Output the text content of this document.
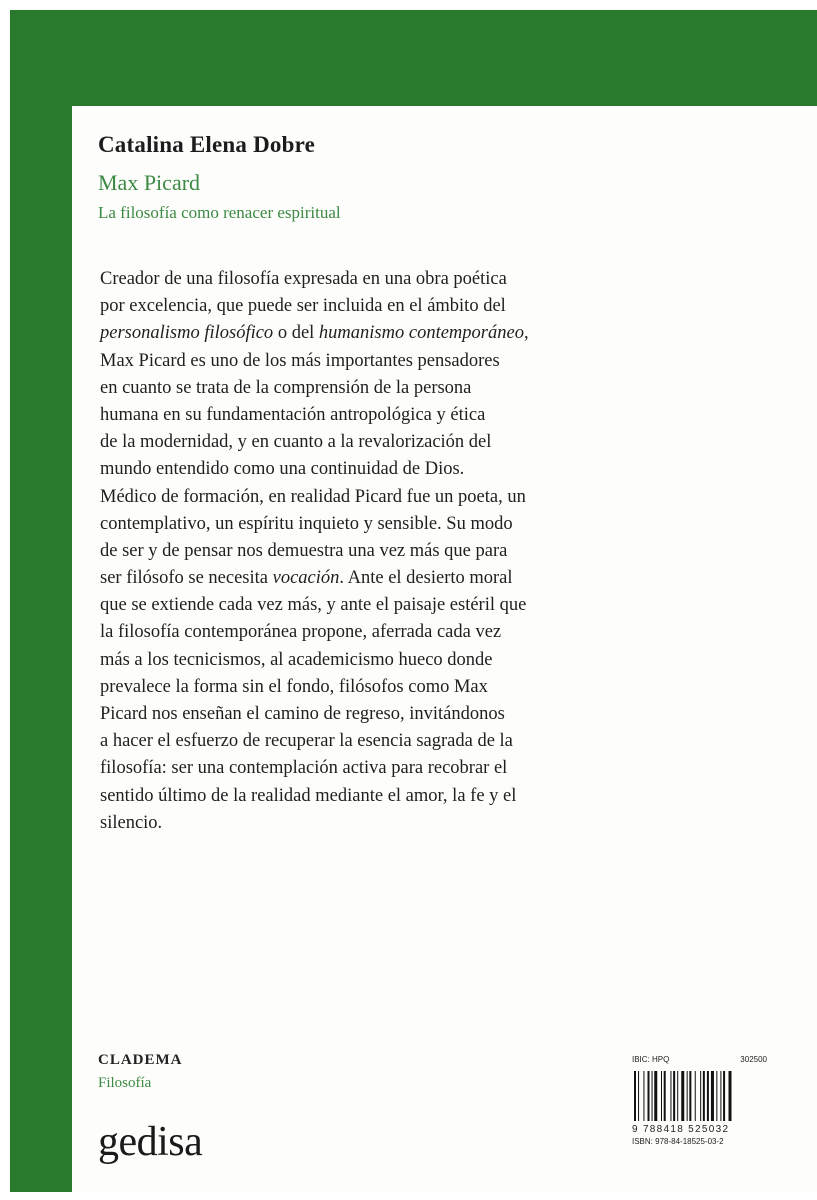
Catalina Elena Dobre
Max Picard
La filosofía como renacer espiritual
Creador de una filosofía expresada en una obra poética
por excelencia, que puede ser incluida en el ámbito del
personalismo filosófico o del humanismo contemporáneo,
Max Picard es uno de los más importantes pensadores
en cuanto se trata de la comprensión de la persona
humana en su fundamentación antropológica y ética
de la modernidad, y en cuanto a la revalorización del
mundo entendido como una continuidad de Dios.
Médico de formación, en realidad Picard fue un poeta, un
contemplativo, un espíritu inquieto y sensible. Su modo
de ser y de pensar nos demuestra una vez más que para
ser filósofo se necesita vocación. Ante el desierto moral
que se extiende cada vez más, y ante el paisaje estéril que
la filosofía contemporánea propone, aferrada cada vez
más a los tecnicismos, al academicismo hueco donde
prevalece la forma sin el fondo, filósofos como Max
Picard nos enseñan el camino de regreso, invitándonos
a hacer el esfuerzo de recuperar la esencia sagrada de la
filosofía: ser una contemplación activa para recobrar el
sentido último de la realidad mediante el amor, la fe y el
silencio.
CLADEMA
Filosofía
gedisa
IBIC: HPQ	302500
9 788418 525032
ISBN: 978-84-18525-03-2
